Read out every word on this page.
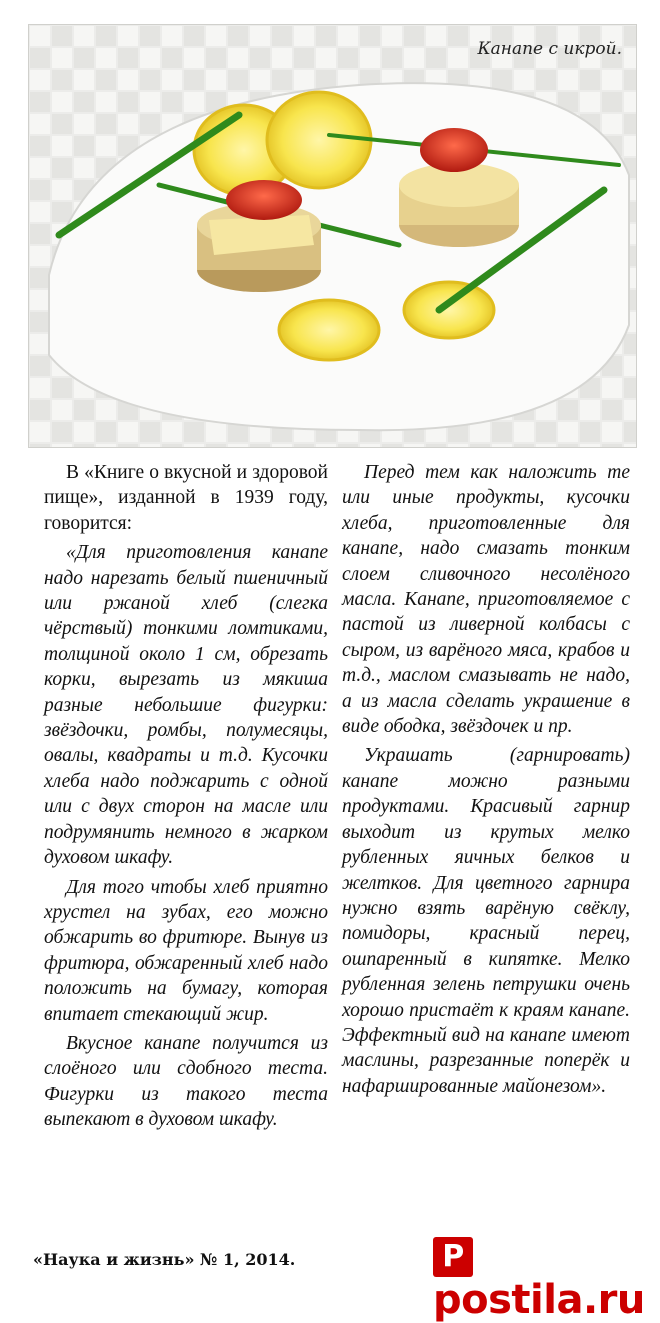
Канапе с икрой.

В «Книге о вкусной и здоровой пище», изданной в 1939 году, говорится:

«Для приготовления канапе надо нарезать белый пшеничный или ржаной хлеб (слегка чёрствый) тонкими ломтиками, толщиной около 1 см, обрезать корки, вырезать из мякиша разные небольшие фигурки: звёздочки, ромбы, полумесяцы, овалы, квадраты и т.д. Кусочки хлеба надо поджарить с одной или с двух сторон на масле или подрумянить немного в жарком духовом шкафу.

Для того чтобы хлеб приятно хрустел на зубах, его можно обжарить во фритюре. Вынув из фритюра, обжаренный хлеб надо положить на бумагу, которая впитает стекающий жир.

Вкусное канапе получится из слоёного или сдобного теста. Фигурки из такого теста выпекают в духовом шкафу.

Перед тем как наложить те или иные продукты, кусочки хлеба, приготовленные для канапе, надо смазать тонким слоем сливочного несолёного масла. Канапе, приготовляемое с пастой из ливерной колбасы с сыром, из варёного мяса, крабов и т.д., маслом смазывать не надо, а из масла сделать украшение в виде ободка, звёздочек и пр.

Украшать (гарнировать) канапе можно разными продуктами. Красивый гарнир выходит из крутых мелко рубленных яичных белков и желтков. Для цветного гарнира нужно взять варёную свёклу, помидоры, красный перец, ошпаренный в кипятке. Мелко рубленная зелень петрушки очень хорошо пристаёт к краям канапе. Эффектный вид на канапе имеют маслины, разрезанные поперёк и нафаршированные майонезом».

«Наука и жизнь» № 1, 2014.	Ppostila.ru
